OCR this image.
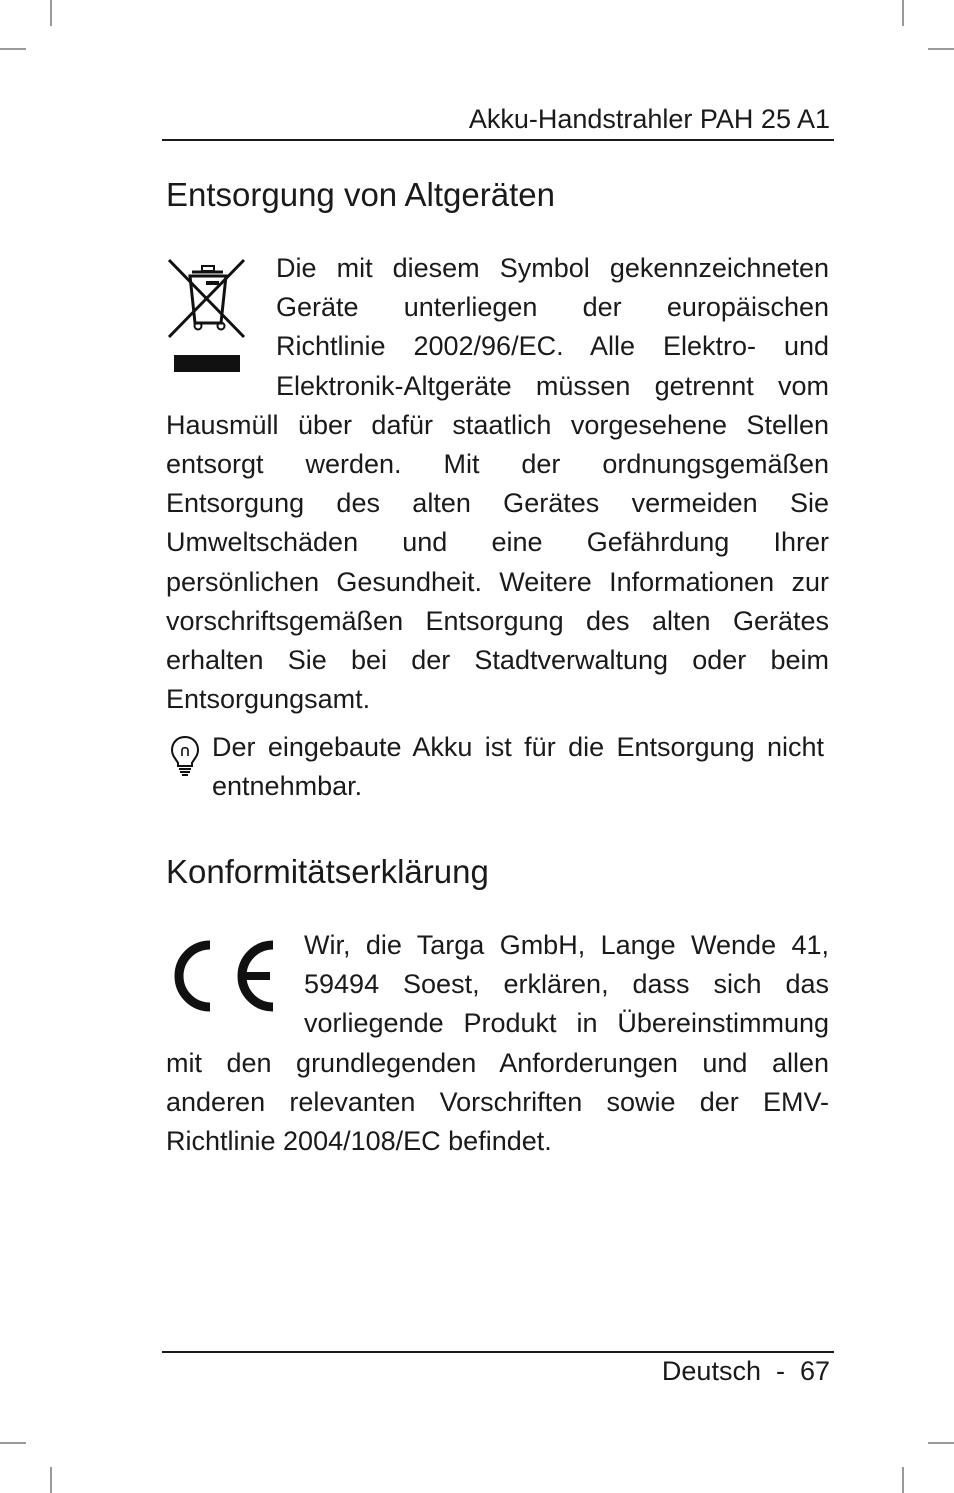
Akku-Handstrahler PAH 25 A1
Entsorgung von Altgeräten

Die mit diesem Symbol gekennzeichneten Geräte unterliegen der europäischen Richtlinie 2002/96/EC. Alle Elektro- und Elektronik-Altgeräte müssen getrennt vom Hausmüll über dafür staatlich vorgesehene Stellen entsorgt werden. Mit der ordnungsgemäßen Entsorgung des alten Gerätes vermeiden Sie Umweltschäden und eine Gefährdung Ihrer persönlichen Gesundheit. Weitere Informationen zur vorschriftsgemäßen Entsorgung des alten Gerätes erhalten Sie bei der Stadtverwaltung oder beim Entsorgungsamt.

Der eingebaute Akku ist für die Entsorgung nicht entnehmbar.

Konformitätserklärung

Wir, die Targa GmbH, Lange Wende 41, 59494 Soest, erklären, dass sich das vorliegende Produkt in Übereinstimmung mit den grundlegenden Anforderungen und allen anderen relevanten Vorschriften sowie der EMV-Richtlinie 2004/108/EC befindet.

Deutsch  -  67
